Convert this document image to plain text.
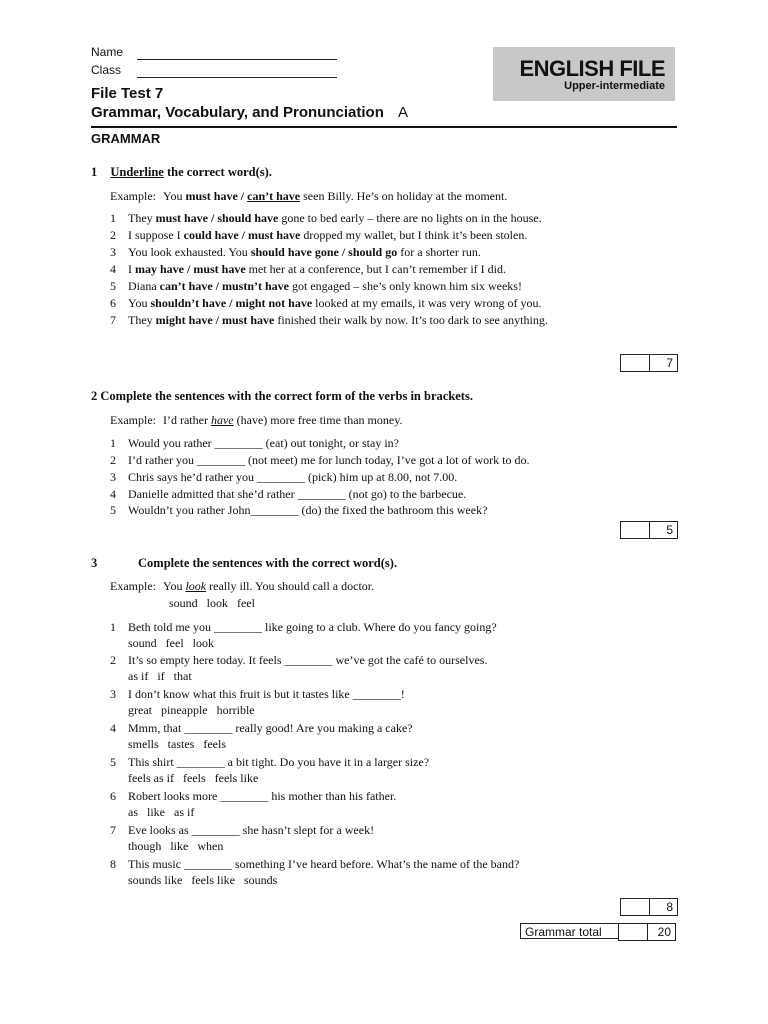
Name
Class	ENGLISH FILE
Upper-intermediate
File Test 7
Grammar, Vocabulary, and Pronunciation A
GRAMMAR
1 Underline the correct word(s).
Example: You must have / can’t have seen Billy. He’s on holiday at the moment.
1 They must have / should have gone to bed early – there are no lights on in the house.
2 I suppose I could have / must have dropped my wallet, but I think it’s been stolen.
3 You look exhausted. You should have gone / should go for a shorter run.
4 I may have / must have met her at a conference, but I can’t remember if I did.
5 Diana can’t have / mustn’t have got engaged – she’s only known him six weeks!
6 You shouldn’t have / might not have looked at my emails, it was very wrong of you.
7 They might have / must have finished their walk by now. It’s too dark to see anything.
7
2 Complete the sentences with the correct form of the verbs in brackets.
Example: I’d rather have (have) more free time than money.
1 Would you rather ________ (eat) out tonight, or stay in?
2 I’d rather you ________ (not meet) me for lunch today, I’ve got a lot of work to do.
3 Chris says he’d rather you ________ (pick) him up at 8.00, not 7.00.
4 Danielle admitted that she’d rather ________ (not go) to the barbecue.
5 Wouldn’t you rather John________ (do) the fixed the bathroom this week?
5
3	Complete the sentences with the correct word(s).
Example: You look really ill. You should call a doctor.
sound look feel
1 Beth told me you ________ like going to a club. Where do you fancy going?
sound feel look
2 It’s so empty here today. It feels ________ we’ve got the café to ourselves.
as if if that
3 I don’t know what this fruit is but it tastes like ________!
great pineapple horrible
4 Mmm, that ________ really good! Are you making a cake?
smells tastes feels
5 This shirt ________ a bit tight. Do you have it in a larger size?
feels as if feels feels like
6 Robert looks more ________ his mother than his father.
as like as if
7 Eve looks as ________ she hasn’t slept for a week!
though like when
8 This music ________ something I’ve heard before. What’s the name of the band?
sounds like feels like sounds
8
Grammar total	20
